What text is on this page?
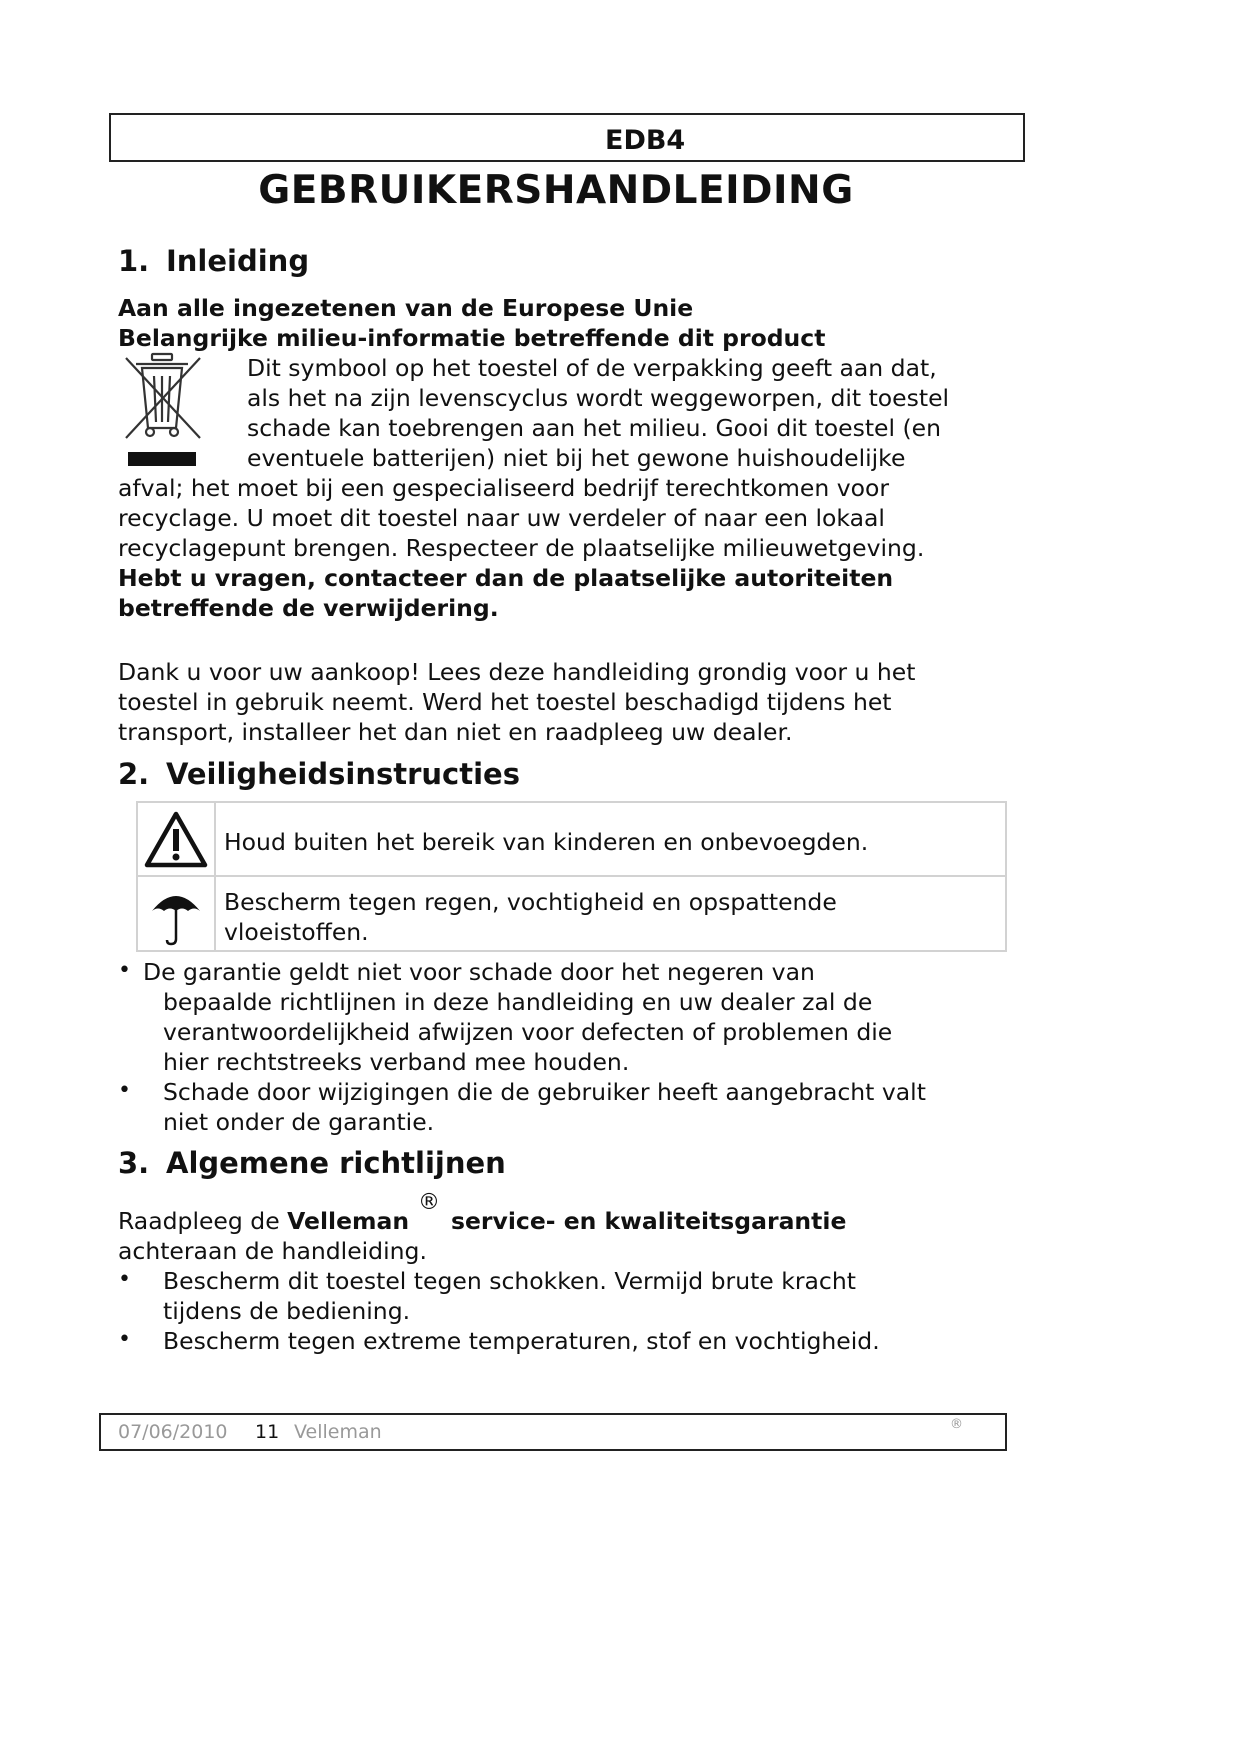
EDB4
GEBRUIKERSHANDLEIDING
1. Inleiding
Aan alle ingezetenen van de Europese Unie
Belangrijke milieu-informatie betreffende dit product
Dit symbool op het toestel of de verpakking geeft aan dat,
als het na zijn levenscyclus wordt weggeworpen, dit toestel
schade kan toebrengen aan het milieu. Gooi dit toestel (en
eventuele batterijen) niet bij het gewone huishoudelijke
afval; het moet bij een gespecialiseerd bedrijf terechtkomen voor
recyclage. U moet dit toestel naar uw verdeler of naar een lokaal
recyclagepunt brengen. Respecteer de plaatselijke milieuwetgeving.
Hebt u vragen, contacteer dan de plaatselijke autoriteiten
betreffende de verwijdering.
Dank u voor uw aankoop! Lees deze handleiding grondig voor u het
toestel in gebruik neemt. Werd het toestel beschadigd tijdens het
transport, installeer het dan niet en raadpleeg uw dealer.
2. Veiligheidsinstructies
Houd buiten het bereik van kinderen en onbevoegden.
Bescherm tegen regen, vochtigheid en opspattende
vloeistoffen.
• De garantie geldt niet voor schade door het negeren van
bepaalde richtlijnen in deze handleiding en uw dealer zal de
verantwoordelijkheid afwijzen voor defecten of problemen die
hier rechtstreeks verband mee houden.
• Schade door wijzigingen die de gebruiker heeft aangebracht valt
niet onder de garantie.
3. Algemene richtlijnen
Raadpleeg de Velleman
®
service- en kwaliteitsgarantie
achteraan de handleiding.
• Bescherm dit toestel tegen schokken. Vermijd brute kracht
tijdens de bediening.
• Bescherm tegen extreme temperaturen, stof en vochtigheid.
07/06/2010 11 Velleman	®
